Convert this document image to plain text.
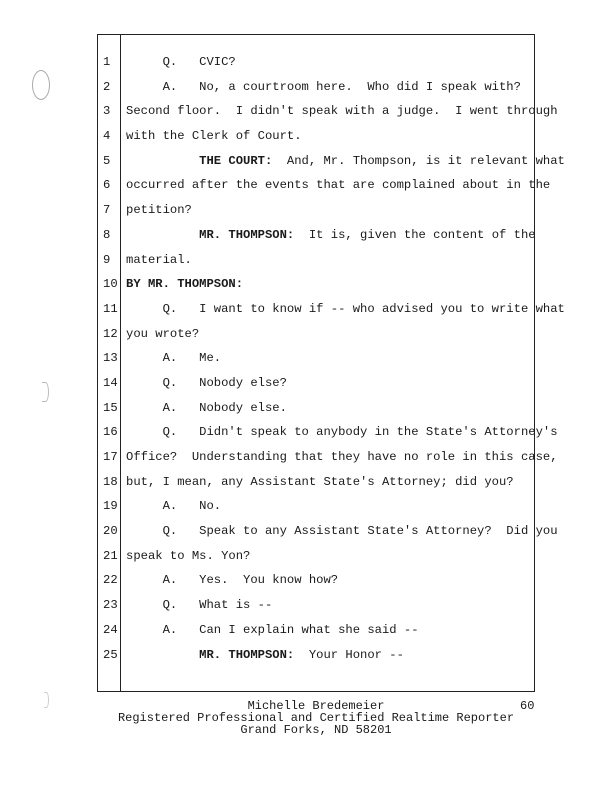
1	Q.   CVIC?
2	A.   No, a courtroom here.  Who did I speak with?
3	Second floor.  I didn't speak with a judge.  I went through
4	with the Clerk of Court.
5	THE COURT:  And, Mr. Thompson, is it relevant what
6	occurred after the events that are complained about in the
7	petition?
8	MR. THOMPSON:  It is, given the content of the
9	material.
10 BY MR. THOMPSON:
11 Q.   I want to know if -- who advised you to write what
12 you wrote?
13 A.   Me.
14 Q.   Nobody else?
15 A.   Nobody else.
16 Q.   Didn't speak to anybody in the State's Attorney's
17 Office?  Understanding that they have no role in this case,
18 but, I mean, any Assistant State's Attorney; did you?
19 A.   No.
20 Q.   Speak to any Assistant State's Attorney?  Did you
21 speak to Ms. Yon?
22 A.   Yes.  You know how?
23 Q.   What is --
24 A.   Can I explain what she said --
25	MR. THOMPSON:  Your Honor --
Michelle Bredemeier	60
Registered Professional and Certified Realtime Reporter
Grand Forks, ND 58201
